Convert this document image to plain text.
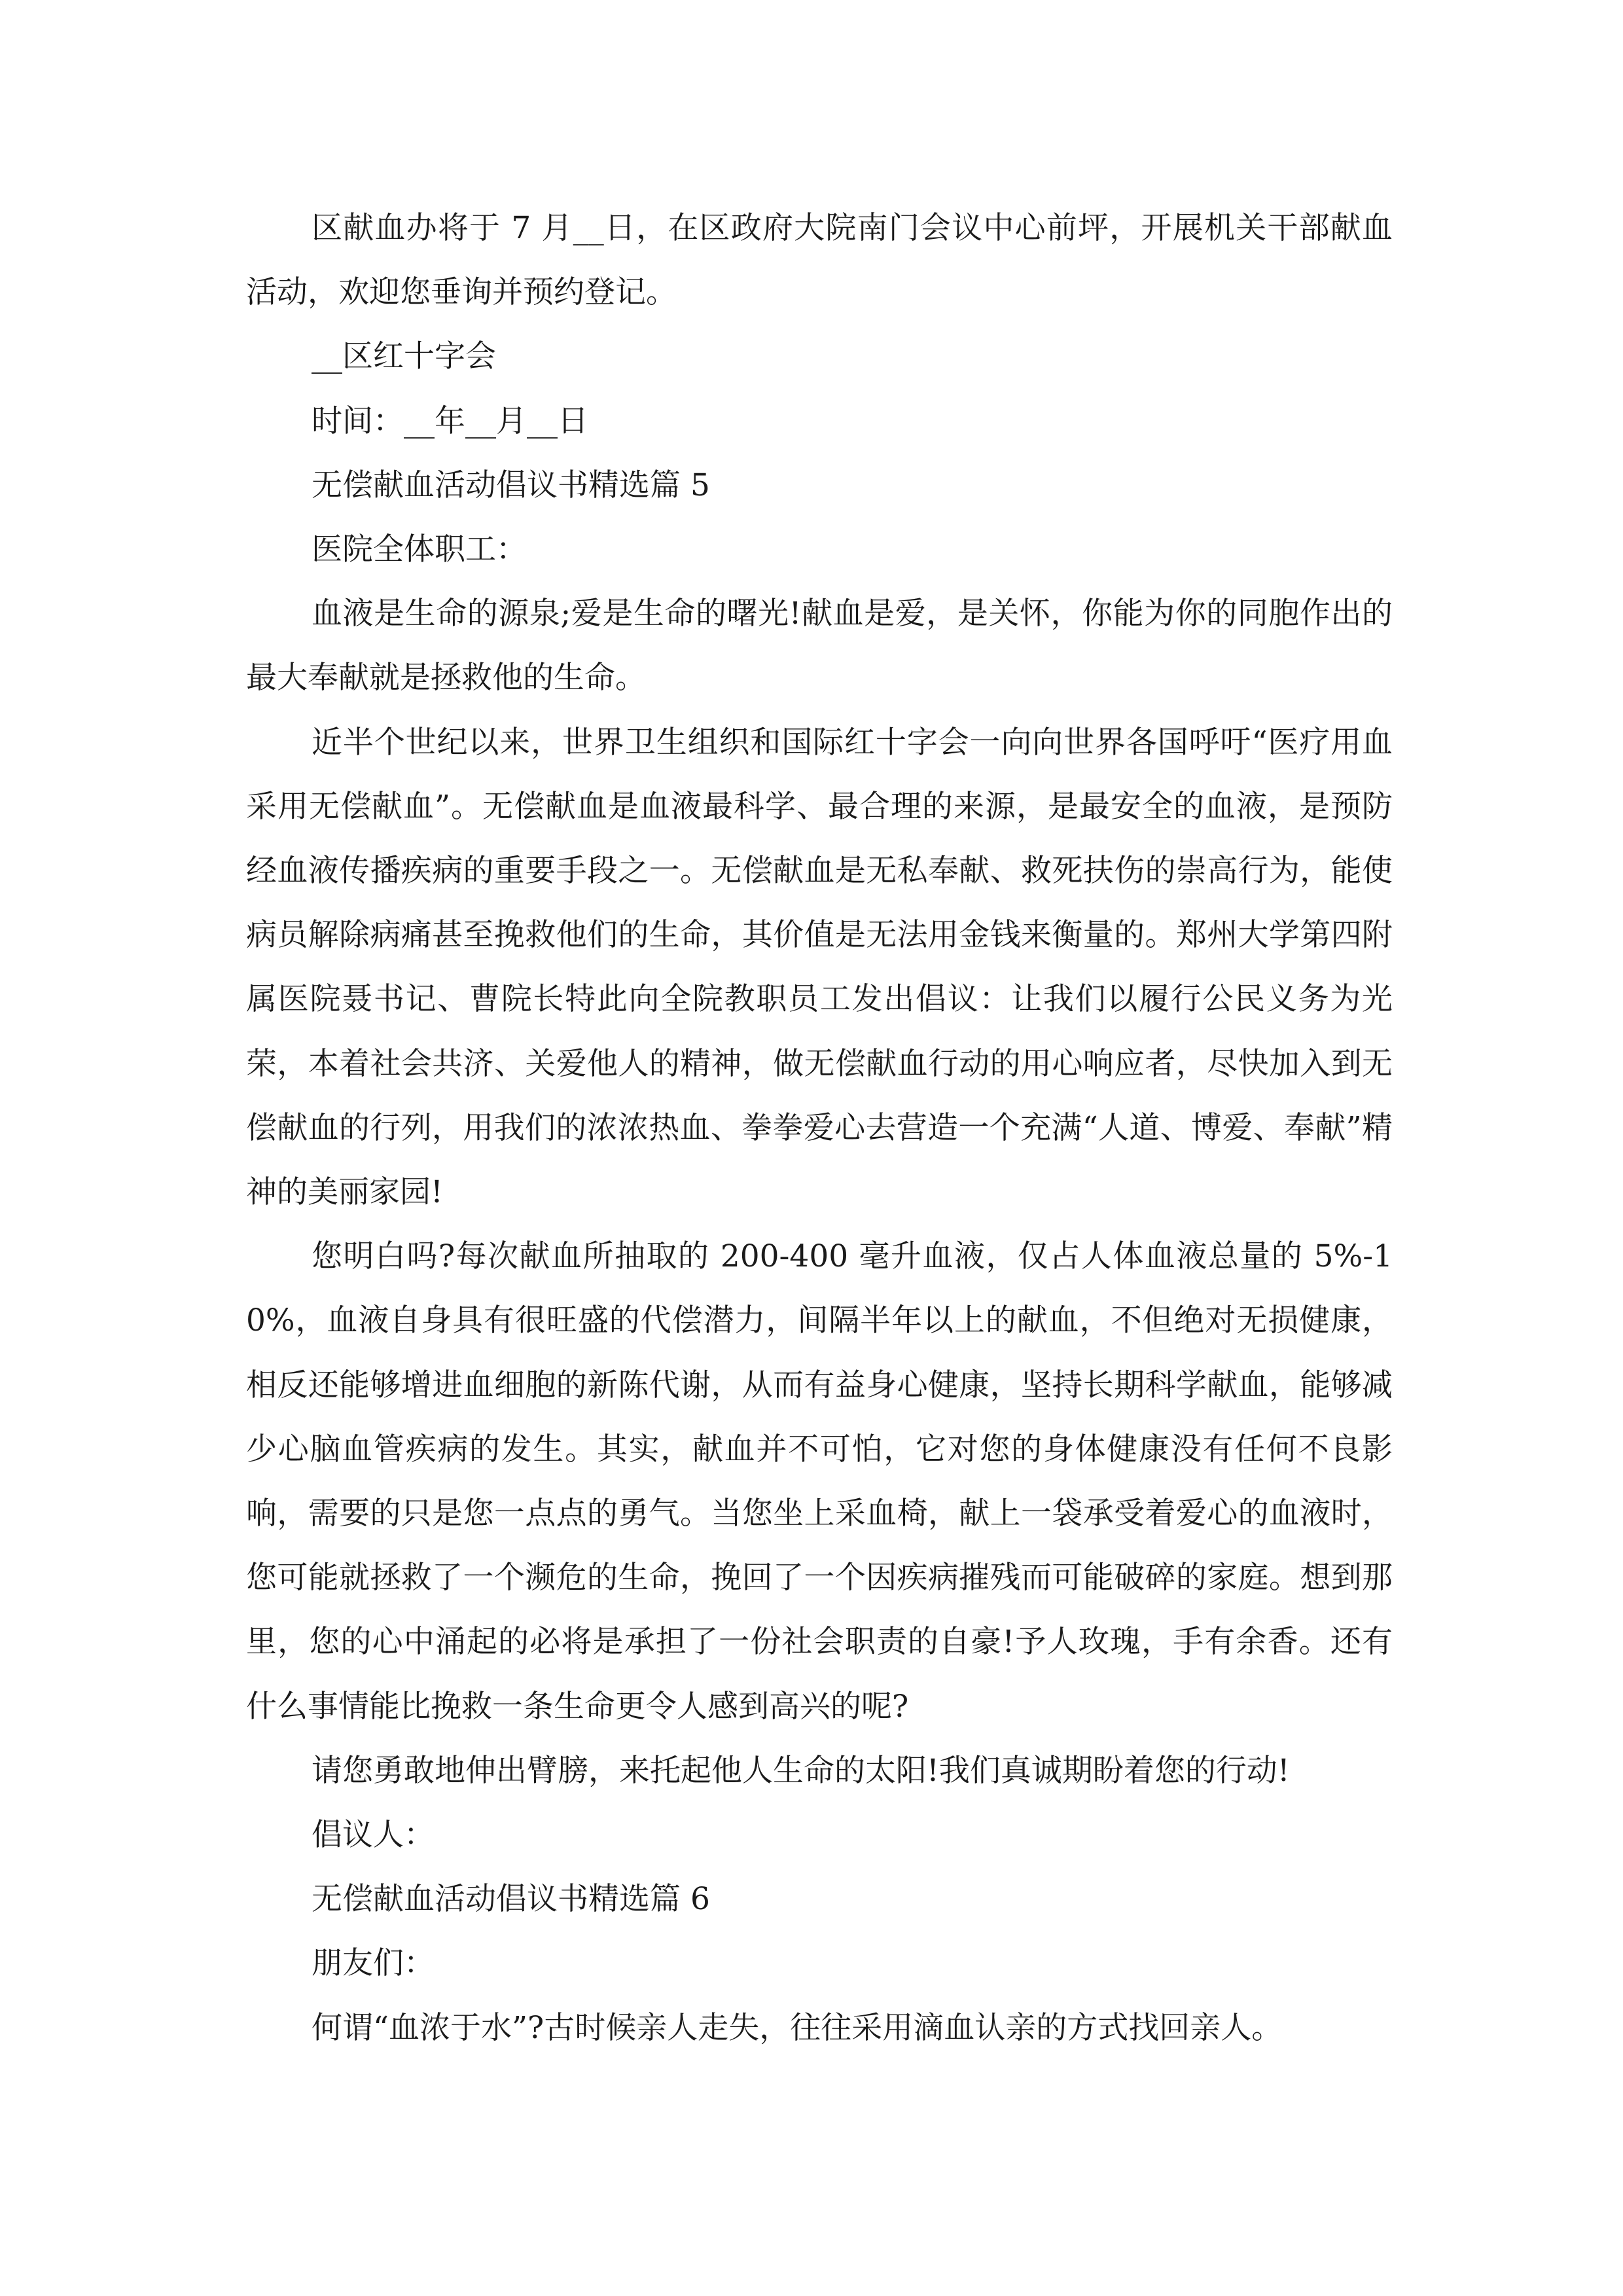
区献血办将于 7 月__日，在区政府大院南门会议中心前坪，开展机关干部献血活动，欢迎您垂询并预约登记。

__区红十字会

时间：__年__月__日

无偿献血活动倡议书精选篇 5

医院全体职工：

血液是生命的源泉;爱是生命的曙光!献血是爱，是关怀，你能为你的同胞作出的最大奉献就是拯救他的生命。

近半个世纪以来，世界卫生组织和国际红十字会一向向世界各国呼吁“医疗用血采用无偿献血”。无偿献血是血液最科学、最合理的来源，是最安全的血液，是预防经血液传播疾病的重要手段之一。无偿献血是无私奉献、救死扶伤的崇高行为，能使病员解除病痛甚至挽救他们的生命，其价值是无法用金钱来衡量的。郑州大学第四附属医院聂书记、曹院长特此向全院教职员工发出倡议：让我们以履行公民义务为光荣，本着社会共济、关爱他人的精神，做无偿献血行动的用心响应者，尽快加入到无偿献血的行列，用我们的浓浓热血、拳拳爱心去营造一个充满“人道、博爱、奉献”精神的美丽家园!

您明白吗?每次献血所抽取的 200-400 毫升血液，仅占人体血液总量的 5%-10%，血液自身具有很旺盛的代偿潜力，间隔半年以上的献血，不但绝对无损健康，相反还能够增进血细胞的新陈代谢，从而有益身心健康，坚持长期科学献血，能够减少心脑血管疾病的发生。其实，献血并不可怕，它对您的身体健康没有任何不良影响，需要的只是您一点点的勇气。当您坐上采血椅，献上一袋承受着爱心的血液时，您可能就拯救了一个濒危的生命，挽回了一个因疾病摧残而可能破碎的家庭。想到那里，您的心中涌起的必将是承担了一份社会职责的自豪!予人玫瑰，手有余香。还有什么事情能比挽救一条生命更令人感到高兴的呢?

请您勇敢地伸出臂膀，来托起他人生命的太阳!我们真诚期盼着您的行动!

倡议人：

无偿献血活动倡议书精选篇 6

朋友们：

何谓“血浓于水”?古时候亲人走失，往往采用滴血认亲的方式找回亲人。
